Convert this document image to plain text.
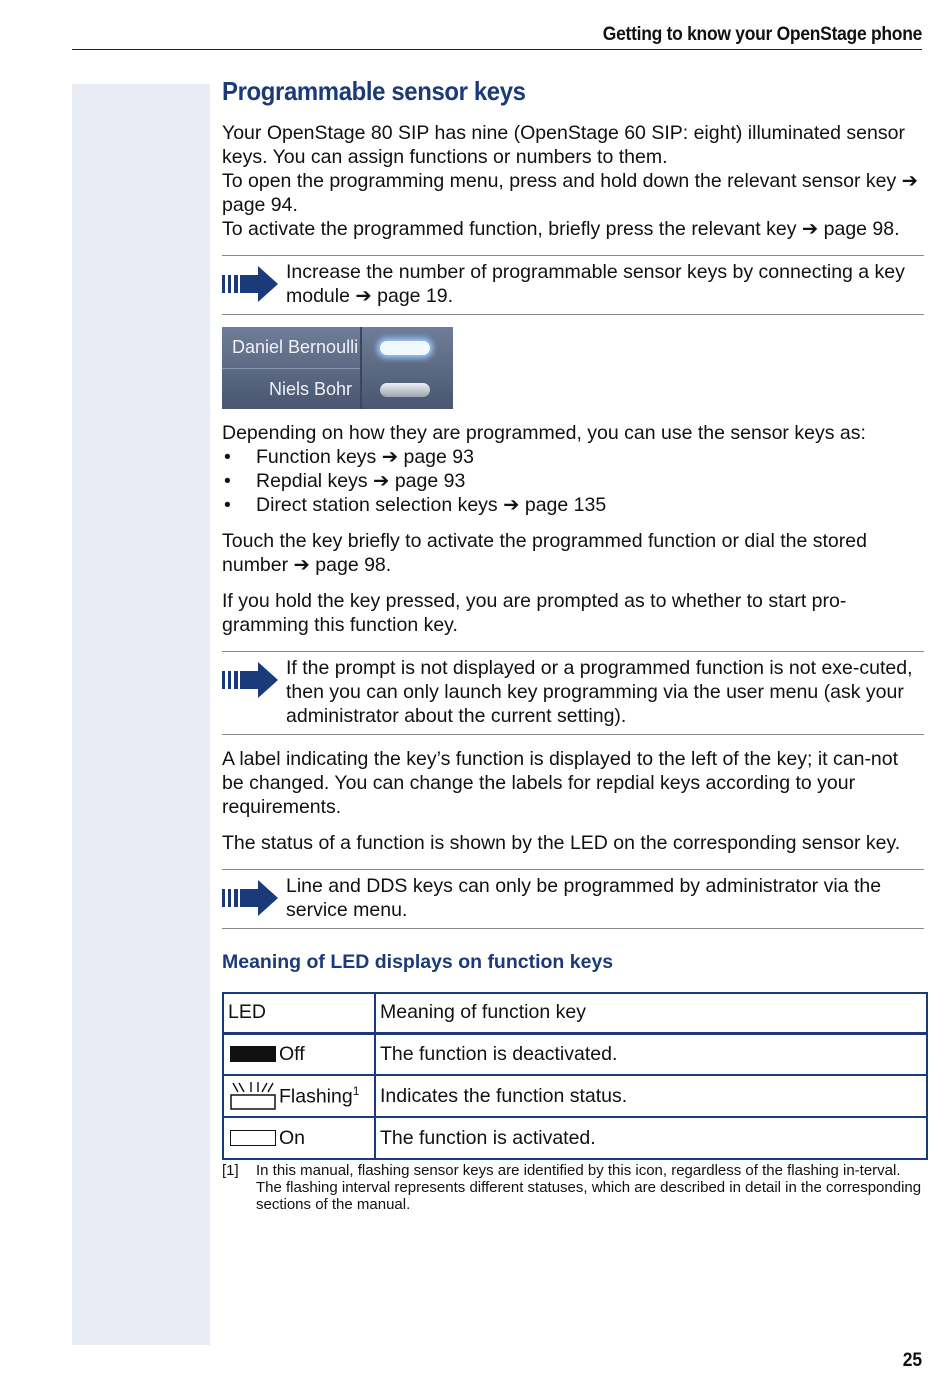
Getting to know your OpenStage phone
Programmable sensor keys

Your OpenStage 80 SIP has nine (OpenStage 60 SIP: eight) illuminated sensor keys. You can assign functions or numbers to them.

To open the programming menu, press and hold down the relevant sensor key ➔ page 94.

To activate the programmed function, briefly press the relevant key ➔ page 98.

Increase the number of programmable sensor keys by connecting a key module ➔ page 19.
Daniel Bernoulli
Niels Bohr

Depending on how they are programmed, you can use the sensor keys as:

• Function keys ➔ page 93
• Repdial keys ➔ page 93
• Direct station selection keys ➔ page 135

Touch the key briefly to activate the programmed function or dial the stored number ➔ page 98.

If you hold the key pressed, you are prompted as to whether to start pro-gramming this function key.

If the prompt is not displayed or a programmed function is not exe-cuted, then you can only launch key programming via the user menu (ask your administrator about the current setting).

A label indicating the key’s function is displayed to the left of the key; it can-not be changed. You can change the labels for repdial keys according to your requirements.

The status of a function is shown by the LED on the corresponding sensor key.

Line and DDS keys can only be programmed by administrator via the service menu.
Meaning of LED displays on function keys
LED		Meaning of function key

	Off	The function is deactivated.

	Flashing$^1$	Indicates the function status.

	On	The function is activated.
[1] In this manual, flashing sensor keys are identified by this icon, regardless of the flashing in-terval. The flashing interval represents different statuses, which are described in detail in the corresponding sections of the manual.
25
